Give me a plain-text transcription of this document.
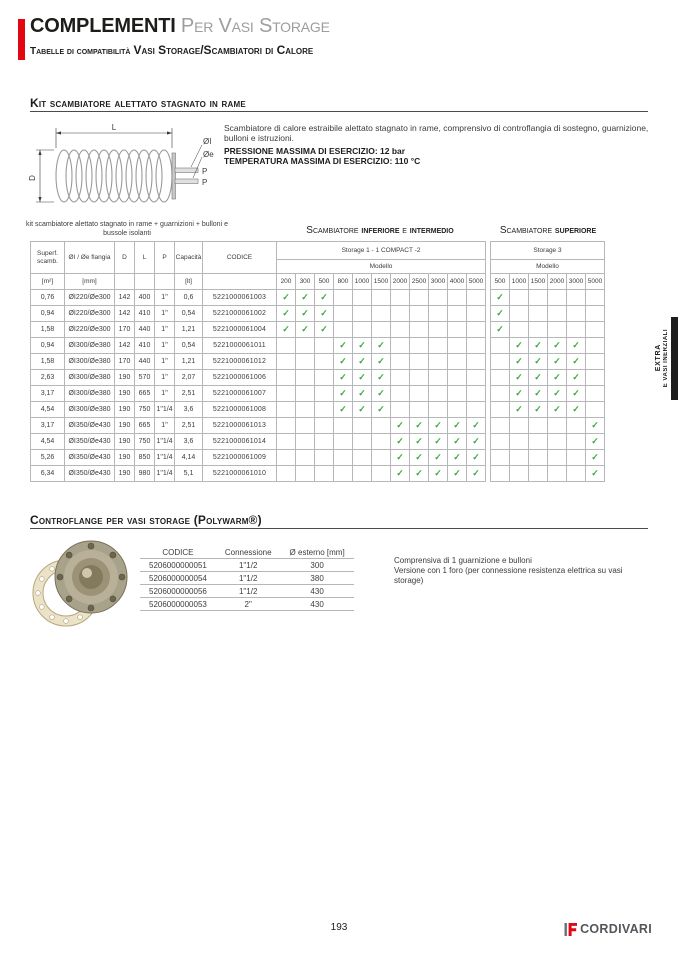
COMPLEMENTI Per Vasi Storage
Tabelle di compatibilità Vasi Storage/Scambiatori di Calore
Kit scambiatore alettato stagnato in rame
L
D
P
P
ØI
Øe

Scambiatore di calore estraibile alettato stagnato in rame, comprensivo di controflangia di sostegno, guarnizione, bulloni e istruzioni.

PRESSIONE MASSIMA DI ESERCIZIO: 12 bar

TEMPERATURA MASSIMA DI ESERCIZIO: 110 °C

kit scambiatore alettato stagnato in rame + guarnizioni + bulloni e bussole isolanti	Scambiatore inferiore e intermedio	Scambiatore superiore
Superf. scamb.	ØI / Øe flangia	D	L	P	Capacità	CODICE	Storage 1 - 1 COMPACT -2												Storage 3					
							Modello												Modello					
[m²]	[mm]				[lt]		200	300	500	800	1000	1500	2000	2500	3000	4000	5000		500	1000	1500	2000	3000	5000
0,76	ØI220/Øe300	142	400	1"	0,6	5221000061003	✓	✓	✓										✓					
0,94	ØI220/Øe300	142	410	1"	0,54	5221000061002	✓	✓	✓										✓					
1,58	ØI220/Øe300	170	440	1"	1,21	5221000061004	✓	✓	✓										✓					
0,94	ØI300/Øe380	142	410	1"	0,54	5221000061011				✓	✓	✓								✓	✓	✓	✓	
1,58	ØI300/Øe380	170	440	1"	1,21	5221000061012				✓	✓	✓								✓	✓	✓	✓	
2,63	ØI300/Øe380	190	570	1"	2,07	5221000061006				✓	✓	✓								✓	✓	✓	✓	
3,17	ØI300/Øe380	190	665	1"	2,51	5221000061007				✓	✓	✓								✓	✓	✓	✓	
4,54	ØI300/Øe380	190	750	1"1/4	3,6	5221000061008				✓	✓	✓								✓	✓	✓	✓	
3,17	ØI350/Øe430	190	665	1"	2,51	5221000061013							✓	✓	✓	✓	✓							✓
4,54	ØI350/Øe430	190	750	1"1/4	3,6	5221000061014							✓	✓	✓	✓	✓							✓
5,26	ØI350/Øe430	190	850	1"1/4	4,14	5221000061009							✓	✓	✓	✓	✓							✓
6,34	ØI350/Øe430	190	980	1"1/4	5,1	5221000061010							✓	✓	✓	✓	✓							✓
Controflange per vasi storage (Polywarm®)
CODICE	Connessione	Ø esterno [mm]
5206000000051	1"1/2	300
5206000000054	1"1/2	380
5206000000056	1"1/2	430
5206000000053	2"	430

Comprensiva di 1 guarnizione e bulloni

Versione con 1 foro (per connessione resistenza elettrica su vasi storage)

EXTRA E VASI INERZIALI
193	CORDIVARI
